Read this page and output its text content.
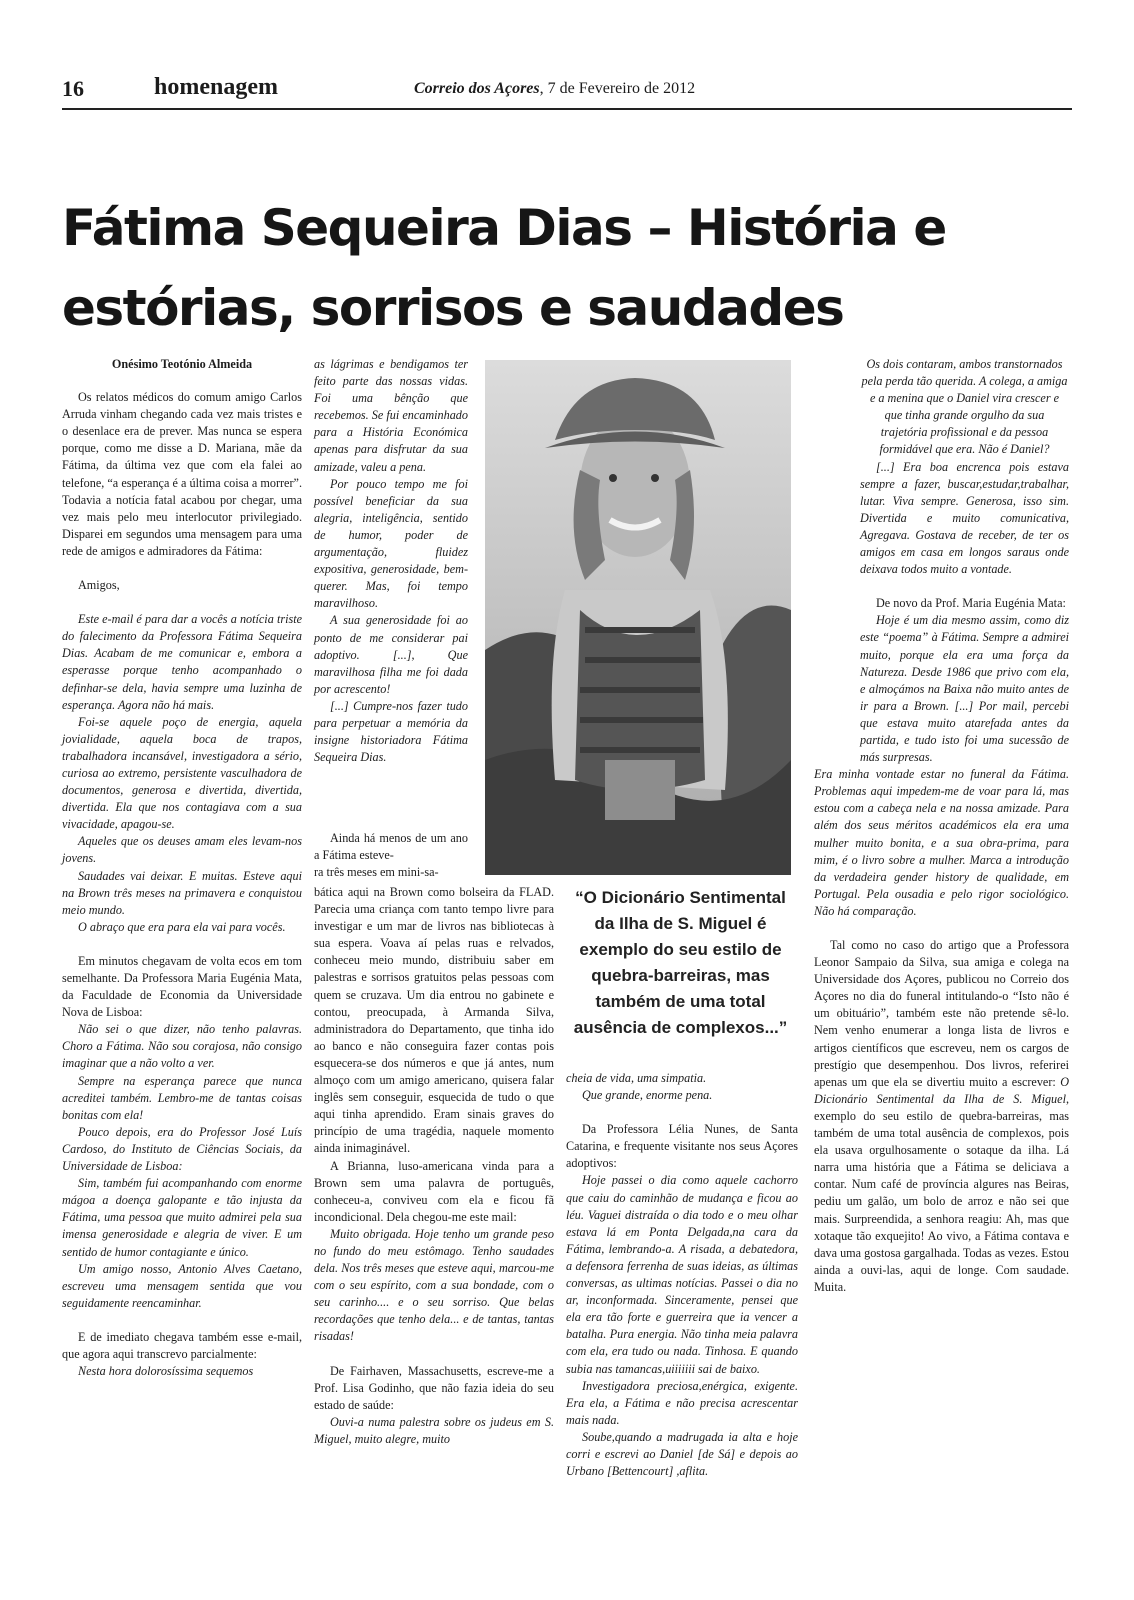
16	homenagem	Correio dos Açores, 7 de Fevereiro de 2012
Fátima Sequeira Dias – História e estórias, sorrisos e saudades

Onésimo Teotónio Almeida

Os relatos médicos do comum amigo Carlos Arruda vinham chegando cada vez mais tristes e o desenlace era de prever. Mas nunca se espera porque, como me disse a D. Mariana, mãe da Fátima, da última vez que com ela falei ao telefone, “a esperança é a última coisa a morrer”. Todavia a notícia fatal acabou por chegar, uma vez mais pelo meu interlocutor privilegiado. Disparei em segundos uma mensagem para uma rede de amigos e admiradores da Fátima:

Amigos,

Este e-mail é para dar a vocês a notícia triste do falecimento da Professora Fátima Sequeira Dias. Acabam de me comunicar e, embora a esperasse porque tenho acompanhado o definhar-se dela, havia sempre uma luzinha de esperança. Agora não há mais.

Foi-se aquele poço de energia, aquela jovialidade, aquela boca de trapos, trabalhadora incansável, investigadora a sério, curiosa ao extremo, persistente vasculhadora de documentos, generosa e divertida, divertida, divertida. Ela que nos contagiava com a sua vivacidade, apagou-se.

Aqueles que os deuses amam eles levam-nos jovens.

Saudades vai deixar. E muitas. Esteve aqui na Brown três meses na primavera e conquistou meio mundo.

O abraço que era para ela vai para vocês.

Em minutos chegavam de volta ecos em tom semelhante. Da Professora Maria Eugénia Mata, da Faculdade de Economia da Universidade Nova de Lisboa:

Não sei o que dizer, não tenho palavras. Choro a Fátima. Não sou corajosa, não consigo imaginar que a não volto a ver.

Sempre na esperança parece que nunca acreditei também. Lembro-me de tantas coisas bonitas com ela!

Pouco depois, era do Professor José Luís Cardoso, do Instituto de Ciências Sociais, da Universidade de Lisboa:

Sim, também fui acompanhando com enorme mágoa a doença galopante e tão injusta da Fátima, uma pessoa que muito admirei pela sua imensa generosidade e alegria de viver. E um sentido de humor contagiante e único.

Um amigo nosso, Antonio Alves Caetano, escreveu uma mensagem sentida que vou seguidamente reencaminhar.

E de imediato chegava também esse e-mail, que agora aqui transcrevo parcialmente:

Nesta hora dolorosíssima sequemos

as lágrimas e bendigamos ter feito parte das nossas vidas. Foi uma bênção que recebemos. Se fui encaminhado para a História Económica apenas para disfrutar da sua amizade, valeu a pena.

Por pouco tempo me foi possível beneficiar da sua alegria, inteligência, sentido de humor, poder de argumentação, fluidez expositiva, generosidade, bem-querer. Mas, foi tempo maravilhoso.

A sua generosidade foi ao ponto de me considerar pai adoptivo. [...], Que maravilhosa filha me foi dada por acrescento!

[...] Cumpre-nos fazer tudo para perpetuar a memória da insigne historiadora Fátima Sequeira Dias.

Ainda há menos de um ano a Fátima esteve-

ra três meses em mini-sa-

bática aqui na Brown como bolseira da FLAD. Parecia uma criança com tanto tempo livre para investigar e um mar de livros nas bibliotecas à sua espera. Voava aí pelas ruas e relvados, conheceu meio mundo, distribuiu saber em palestras e sorrisos gratuitos pelas pessoas com quem se cruzava. Um dia entrou no gabinete e contou, preocupada, à Armanda Silva, administradora do Departamento, que tinha ido ao banco e não conseguira fazer contas pois esquecera-se dos números e que já antes, num almoço com um amigo americano, quisera falar inglês sem conseguir, esquecida de tudo o que aqui tinha aprendido. Eram sinais graves do princípio de uma tragédia, naquele momento ainda inimaginável.

A Brianna, luso-americana vinda para a Brown sem uma palavra de português, conheceu-a, conviveu com ela e ficou fã incondicional. Dela chegou-me este mail:

Muito obrigada. Hoje tenho um grande peso no fundo do meu estômago. Tenho saudades dela. Nos três meses que esteve aqui, marcou-me com o seu espírito, com a sua bondade, com o seu carinho.... e o seu sorriso. Que belas recordações que tenho dela... e de tantas, tantas risadas!

De Fairhaven, Massachusetts, escreve-me a Prof. Lisa Godinho, que não fazia ideia do seu estado de saúde:

Ouvi-a numa palestra sobre os judeus em S. Miguel, muito alegre, muito

“O Dicionário Sentimental da Ilha de S. Miguel é exemplo do seu estilo de quebra-barreiras, mas também de uma total ausência de complexos...”

cheia de vida, uma simpatia.

Que grande, enorme pena.

Da Professora Lélia Nunes, de Santa Catarina, e frequente visitante nos seus Açores adoptivos:

Hoje passei o dia como aquele cachorro que caiu do caminhão de mudança e ficou ao léu. Vaguei distraída o dia todo e o meu olhar estava lá em Ponta Delgada,na cara da Fátima, lembrando-a. A risada, a debatedora, a defensora ferrenha de suas ideias, as últimas conversas, as ultimas notícias. Passei o dia no ar, inconformada. Sinceramente, pensei que ela era tão forte e guerreira que ia vencer a batalha. Pura energia. Não tinha meia palavra com ela, era tudo ou nada. Tinhosa. E quando subia nas tamancas,uiiiiiii sai de baixo.

Investigadora preciosa,enérgica, exigente. Era ela, a Fátima e não precisa acrescentar mais nada.

Soube,quando a madrugada ia alta e hoje corri e escrevi ao Daniel [de Sá] e depois ao Urbano [Bettencourt] ,aflita.

Os dois contaram, ambos transtornados pela perda tão querida. A colega, a amiga e a menina que o Daniel vira crescer e que tinha grande orgulho da sua trajetória profissional e da pessoa formidável que era. Não é Daniel?

[...] Era boa encrenca pois estava sempre a fazer, buscar,estudar,trabalhar, lutar. Viva sempre. Generosa, isso sim. Divertida e muito comunicativa, Agregava. Gostava de receber, de ter os amigos em casa em longos saraus onde deixava todos muito a vontade.

De novo da Prof. Maria Eugénia Mata:

Hoje é um dia mesmo assim, como diz este “poema” à Fátima. Sempre a admirei muito, porque ela era uma força da Natureza. Desde 1986 que privo com ela, e almoçámos na Baixa não muito antes de ir para a Brown. [...] Por mail, percebi que estava muito atarefada antes da partida, e tudo isto foi uma sucessão de más surpresas.

Era minha vontade estar no funeral da Fátima. Problemas aqui impedem-me de voar para lá, mas estou com a cabeça nela e na nossa amizade. Para além dos seus méritos académicos ela era uma mulher muito bonita, e a sua obra-prima, para mim, é o livro sobre a mulher. Marca a introdução da verdadeira gender history de qualidade, em Portugal. Pela ousadia e pelo rigor sociológico. Não há comparação.

Tal como no caso do artigo que a Professora Leonor Sampaio da Silva, sua amiga e colega na Universidade dos Açores, publicou no Correio dos Açores no dia do funeral intitulando-o “Isto não é um obituário”, também este não pretende sê-lo. Nem venho enumerar a longa lista de livros e artigos científicos que escreveu, nem os cargos de prestígio que desempenhou. Dos livros, referirei apenas um que ela se divertiu muito a escrever: O Dicionário Sentimental da Ilha de S. Miguel, exemplo do seu estilo de quebra-barreiras, mas também de uma total ausência de complexos, pois ela usava orgulhosamente o sotaque da ilha. Lá narra uma história que a Fátima se deliciava a contar. Num café de província algures nas Beiras, pediu um galão, um bolo de arroz e não sei que mais. Surpreendida, a senhora reagiu: Ah, mas que xotaque tão exquejito! Ao vivo, a Fátima contava e dava uma gostosa gargalhada. Todas as vezes. Estou ainda a ouvi-las, aqui de longe. Com saudade. Muita.
